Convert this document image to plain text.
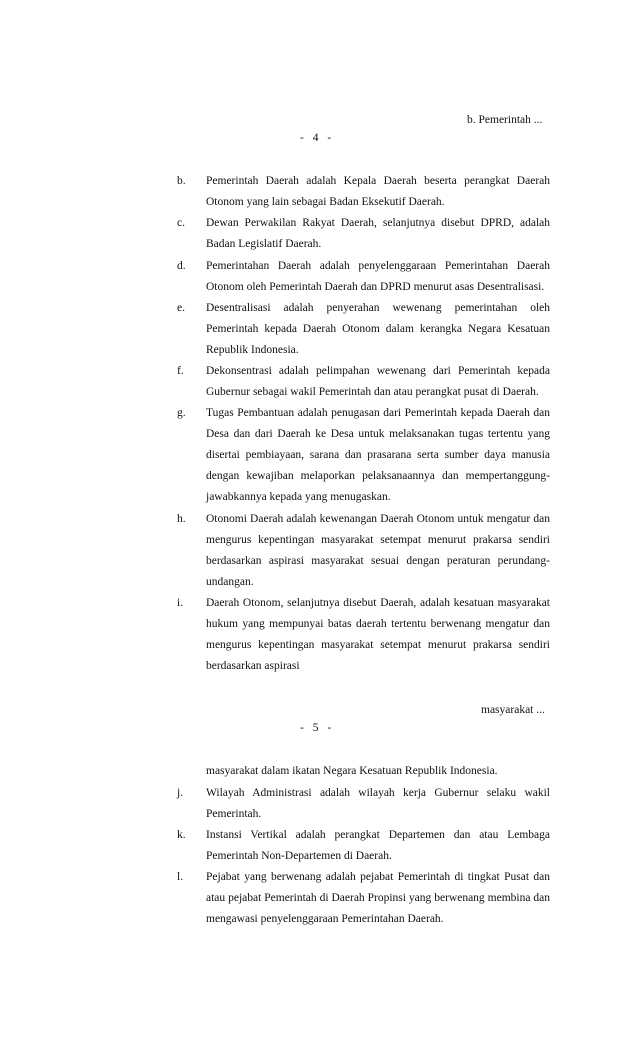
b. Pemerintah ...
- 4 -
b. Pemerintah Daerah adalah Kepala Daerah beserta perangkat Daerah
Otonom yang lain sebagai Badan Eksekutif Daerah.
c. Dewan Perwakilan Rakyat Daerah, selanjutnya disebut DPRD, adalah
Badan Legislatif Daerah.
d. Pemerintahan Daerah adalah penyelenggaraan Pemerintahan Daerah
Otonom oleh Pemerintah Daerah dan DPRD menurut asas Desentralisasi.
e. Desentralisasi adalah penyerahan wewenang pemerintahan oleh
Pemerintah kepada Daerah Otonom dalam kerangka Negara Kesatuan
Republik Indonesia.
f. Dekonsentrasi adalah pelimpahan wewenang dari Pemerintah kepada
Gubernur sebagai wakil Pemerintah dan atau perangkat pusat di Daerah.
g. Tugas Pembantuan adalah penugasan dari Pemerintah kepada Daerah dan
Desa dan dari Daerah ke Desa untuk melaksanakan tugas tertentu yang
disertai pembiayaan, sarana dan prasarana serta sumber daya manusia
dengan kewajiban melaporkan pelaksanaannya dan mempertanggung-
jawabkannya kepada yang menugaskan.
h. Otonomi Daerah adalah kewenangan Daerah Otonom untuk mengatur dan
mengurus kepentingan masyarakat setempat menurut prakarsa sendiri
berdasarkan aspirasi masyarakat sesuai dengan peraturan perundang-
undangan.
i. Daerah Otonom, selanjutnya disebut Daerah, adalah kesatuan masyarakat
hukum yang mempunyai batas daerah tertentu berwenang mengatur dan
mengurus kepentingan masyarakat setempat menurut prakarsa sendiri
berdasarkan aspirasi
masyarakat ...
- 5 -
masyarakat dalam ikatan Negara Kesatuan Republik Indonesia.
j. Wilayah Administrasi adalah wilayah kerja Gubernur selaku wakil
Pemerintah.
k. Instansi Vertikal adalah perangkat Departemen dan atau Lembaga
Pemerintah Non-Departemen di Daerah.
l. Pejabat yang berwenang adalah pejabat Pemerintah di tingkat Pusat dan
atau pejabat Pemerintah di Daerah Propinsi yang berwenang membina dan
mengawasi penyelenggaraan Pemerintahan Daerah.
